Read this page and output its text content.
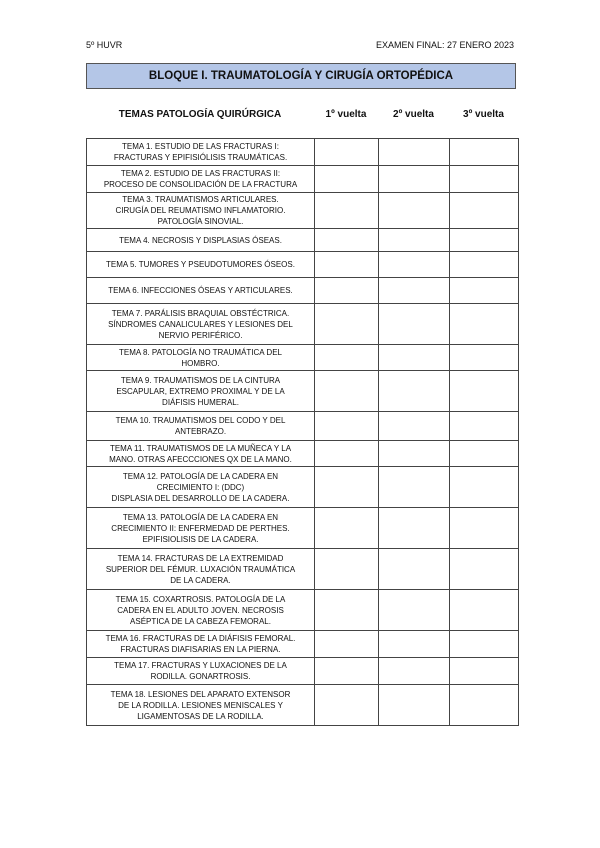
5º HUVR	EXAMEN FINAL: 27 ENERO 2023
BLOQUE I. TRAUMATOLOGÍA Y CIRUGÍA ORTOPÉDICA
TEMAS PATOLOGÍA QUIRÚRGICA	1º vuelta	2º vuelta	3º vuelta
TEMA 1. ESTUDIO DE LAS FRACTURAS I:
FRACTURAS Y EPIFISIÓLISIS TRAUMÁTICAS.			

TEMA 2. ESTUDIO DE LAS FRACTURAS II:
PROCESO DE CONSOLIDACIÓN DE LA FRACTURA			

TEMA 3. TRAUMATISMOS ARTICULARES.
CIRUGÍA DEL REUMATISMO INFLAMATORIO.
PATOLOGÍA SINOVIAL.			

TEMA 4. NECROSIS Y DISPLASIAS ÓSEAS.			

TEMA 5. TUMORES Y PSEUDOTUMORES ÓSEOS.			

TEMA 6. INFECCIONES ÓSEAS Y ARTICULARES.			

TEMA 7. PARÁLISIS BRAQUIAL OBSTÉCTRICA.
SÍNDROMES CANALICULARES Y LESIONES DEL
NERVIO PERIFÉRICO.			

TEMA 8. PATOLOGÍA NO TRAUMÁTICA DEL
HOMBRO.			

TEMA 9. TRAUMATISMOS DE LA CINTURA
ESCAPULAR, EXTREMO PROXIMAL Y DE LA
DIÁFISIS HUMERAL.			

TEMA 10. TRAUMATISMOS DEL CODO Y DEL
ANTEBRAZO.			

TEMA 11. TRAUMATISMOS DE LA MUÑECA Y LA
MANO. OTRAS AFECCCIONES QX DE LA MANO.			

TEMA 12. PATOLOGÍA DE LA CADERA EN
CRECIMIENTO I: (DDC)
DISPLASIA DEL DESARROLLO DE LA CADERA.			

TEMA 13. PATOLOGÍA DE LA CADERA EN
CRECIMIENTO II: ENFERMEDAD DE PERTHES.
EPIFISIOLISIS DE LA CADERA.			

TEMA 14. FRACTURAS DE LA EXTREMIDAD
SUPERIOR DEL FÉMUR. LUXACIÓN TRAUMÁTICA
DE LA CADERA.			

TEMA 15. COXARTROSIS. PATOLOGÍA DE LA
CADERA EN EL ADULTO JOVEN. NECROSIS
ASÉPTICA DE LA CABEZA FEMORAL.			

TEMA 16. FRACTURAS DE LA DIÁFISIS FEMORAL.
FRACTURAS DIAFISARIAS EN LA PIERNA.			

TEMA 17. FRACTURAS Y LUXACIONES DE LA
RODILLA. GONARTROSIS.			

TEMA 18. LESIONES DEL APARATO EXTENSOR
DE LA RODILLA. LESIONES MENISCALES Y
LIGAMENTOSAS DE LA RODILLA.			
